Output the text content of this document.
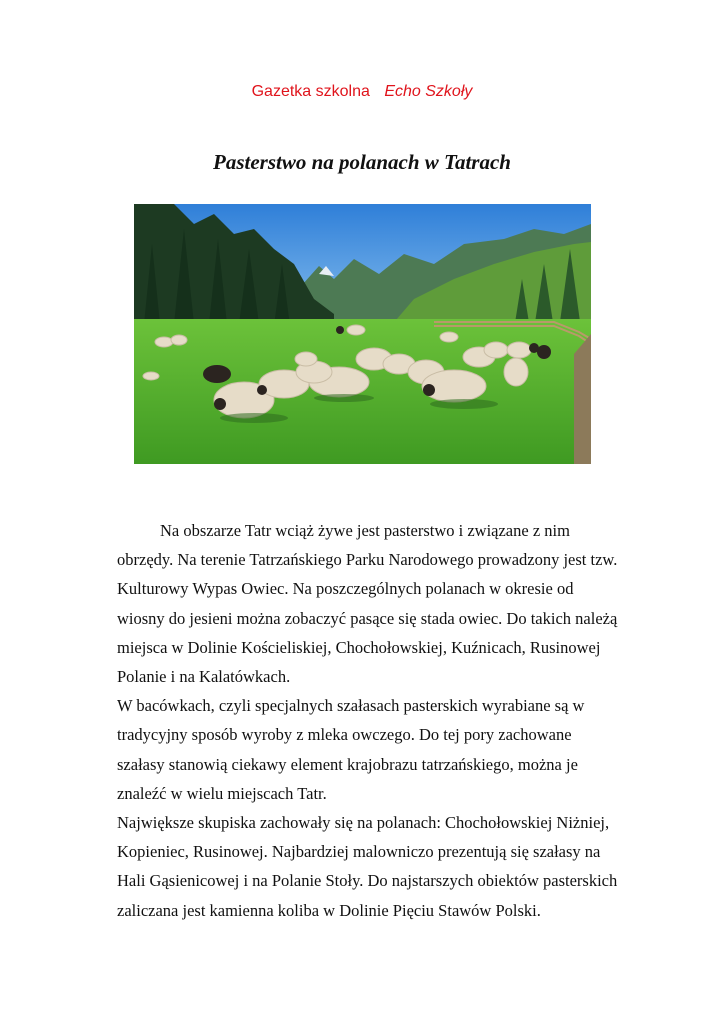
Gazetka szkolna Echo Szkoły
Pasterstwo na polanach w Tatrach

Na obszarze Tatr wciąż żywe jest pasterstwo i związane z nim obrzędy. Na terenie Tatrzańskiego Parku Narodowego prowadzony jest tzw. Kulturowy Wypas Owiec. Na poszczególnych polanach w okresie od wiosny do jesieni można zobaczyć pasące się stada owiec. Do takich należą miejsca w Dolinie Kościeliskiej, Chochołowskiej, Kuźnicach, Rusinowej Polanie i na Kalatówkach.

W bacówkach, czyli specjalnych szałasach pasterskich wyrabiane są w tradycyjny sposób wyroby z mleka owczego. Do tej pory zachowane szałasy stanowią ciekawy element krajobrazu tatrzańskiego, można je znaleźć w wielu miejscach Tatr.

Największe skupiska zachowały się na polanach: Chochołowskiej Niżniej, Kopieniec, Rusinowej. Najbardziej malowniczo prezentują się szałasy na Hali Gąsienicowej i na Polanie Stoły. Do najstarszych obiektów pasterskich zaliczana jest kamienna koliba w Dolinie Pięciu Stawów Polski.
